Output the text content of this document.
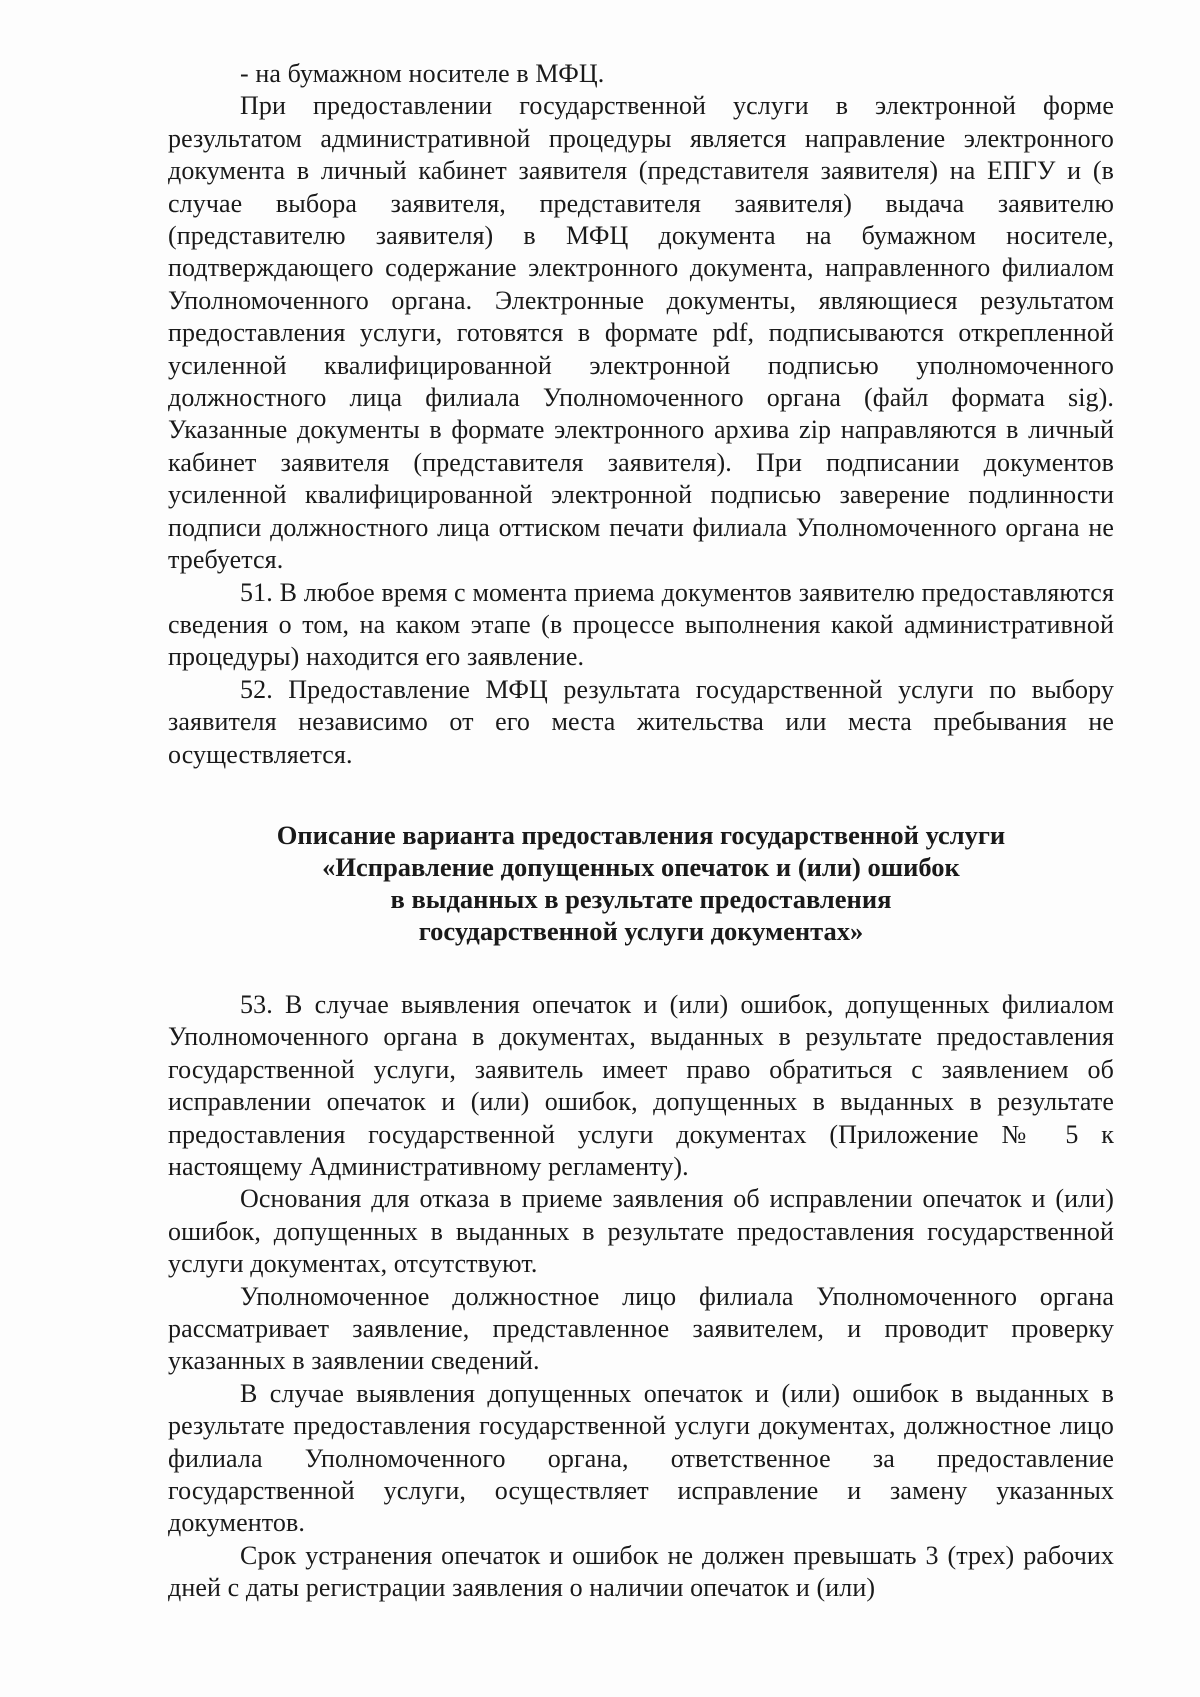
- на бумажном носителе в МФЦ.

При предоставлении государственной услуги в электронной форме результатом административной процедуры является направление электронного документа в личный кабинет заявителя (представителя заявителя) на ЕПГУ и (в случае выбора заявителя, представителя заявителя) выдача заявителю (представителю заявителя) в МФЦ документа на бумажном носителе, подтверждающего содержание электронного документа, направленного филиалом Уполномоченного органа. Электронные документы, являющиеся результатом предоставления услуги, готовятся в формате pdf, подписываются открепленной усиленной квалифицированной электронной подписью уполномоченного должностного лица филиала Уполномоченного органа (файл формата sig). Указанные документы в формате электронного архива zip направляются в личный кабинет заявителя (представителя заявителя). При подписании документов усиленной квалифицированной электронной подписью заверение подлинности подписи должностного лица оттиском печати филиала Уполномоченного органа не требуется.

51. В любое время с момента приема документов заявителю предоставляются сведения о том, на каком этапе (в процессе выполнения какой административной процедуры) находится его заявление.

52. Предоставление МФЦ результата государственной услуги по выбору заявителя независимо от его места жительства или места пребывания не осуществляется.

Описание варианта предоставления государственной услуги
«Исправление допущенных опечаток и (или) ошибок
в выданных в результате предоставления
государственной услуги документах»

53. В случае выявления опечаток и (или) ошибок, допущенных филиалом Уполномоченного органа в документах, выданных в результате предоставления государственной услуги, заявитель имеет право обратиться с заявлением об исправлении опечаток и (или) ошибок, допущенных в выданных в результате предоставления государственной услуги документах (Приложение № 5 к настоящему Административному регламенту).

Основания для отказа в приеме заявления об исправлении опечаток и (или) ошибок, допущенных в выданных в результате предоставления государственной услуги документах, отсутствуют.

Уполномоченное должностное лицо филиала Уполномоченного органа рассматривает заявление, представленное заявителем, и проводит проверку указанных в заявлении сведений.

В случае выявления допущенных опечаток и (или) ошибок в выданных в результате предоставления государственной услуги документах, должностное лицо филиала Уполномоченного органа, ответственное за предоставление государственной услуги, осуществляет исправление и замену указанных документов.

Срок устранения опечаток и ошибок не должен превышать 3 (трех) рабочих дней с даты регистрации заявления о наличии опечаток и (или)
